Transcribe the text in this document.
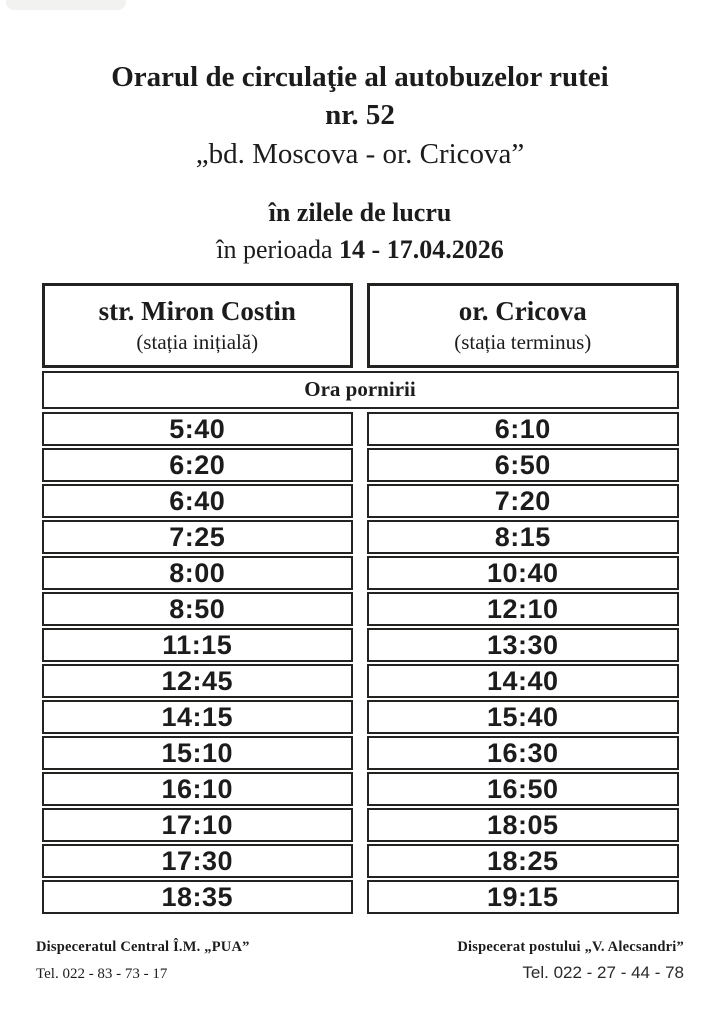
Orarul de circulaţie al autobuzelor rutei
nr. 52
„bd. Moscova - or. Cricova”
în zilele de lucru
în perioada 14 - 17.04.2026
str. Miron Costin
(stația inițială)
or. Cricova
(stația terminus)
Ora pornirii
5:40
6:20
6:40
7:25
8:00
8:50
11:15
12:45
14:15
15:10
16:10
17:10
17:30
18:35
6:10
6:50
7:20
8:15
10:40
12:10
13:30
14:40
15:40
16:30
16:50
18:05
18:25
19:15
Dispeceratul Central Î.M. „PUA”
Tel. 022 - 83 - 73 - 17
Dispecerat postului „V. Alecsandri”
Tel. 022 - 27 - 44 - 78
